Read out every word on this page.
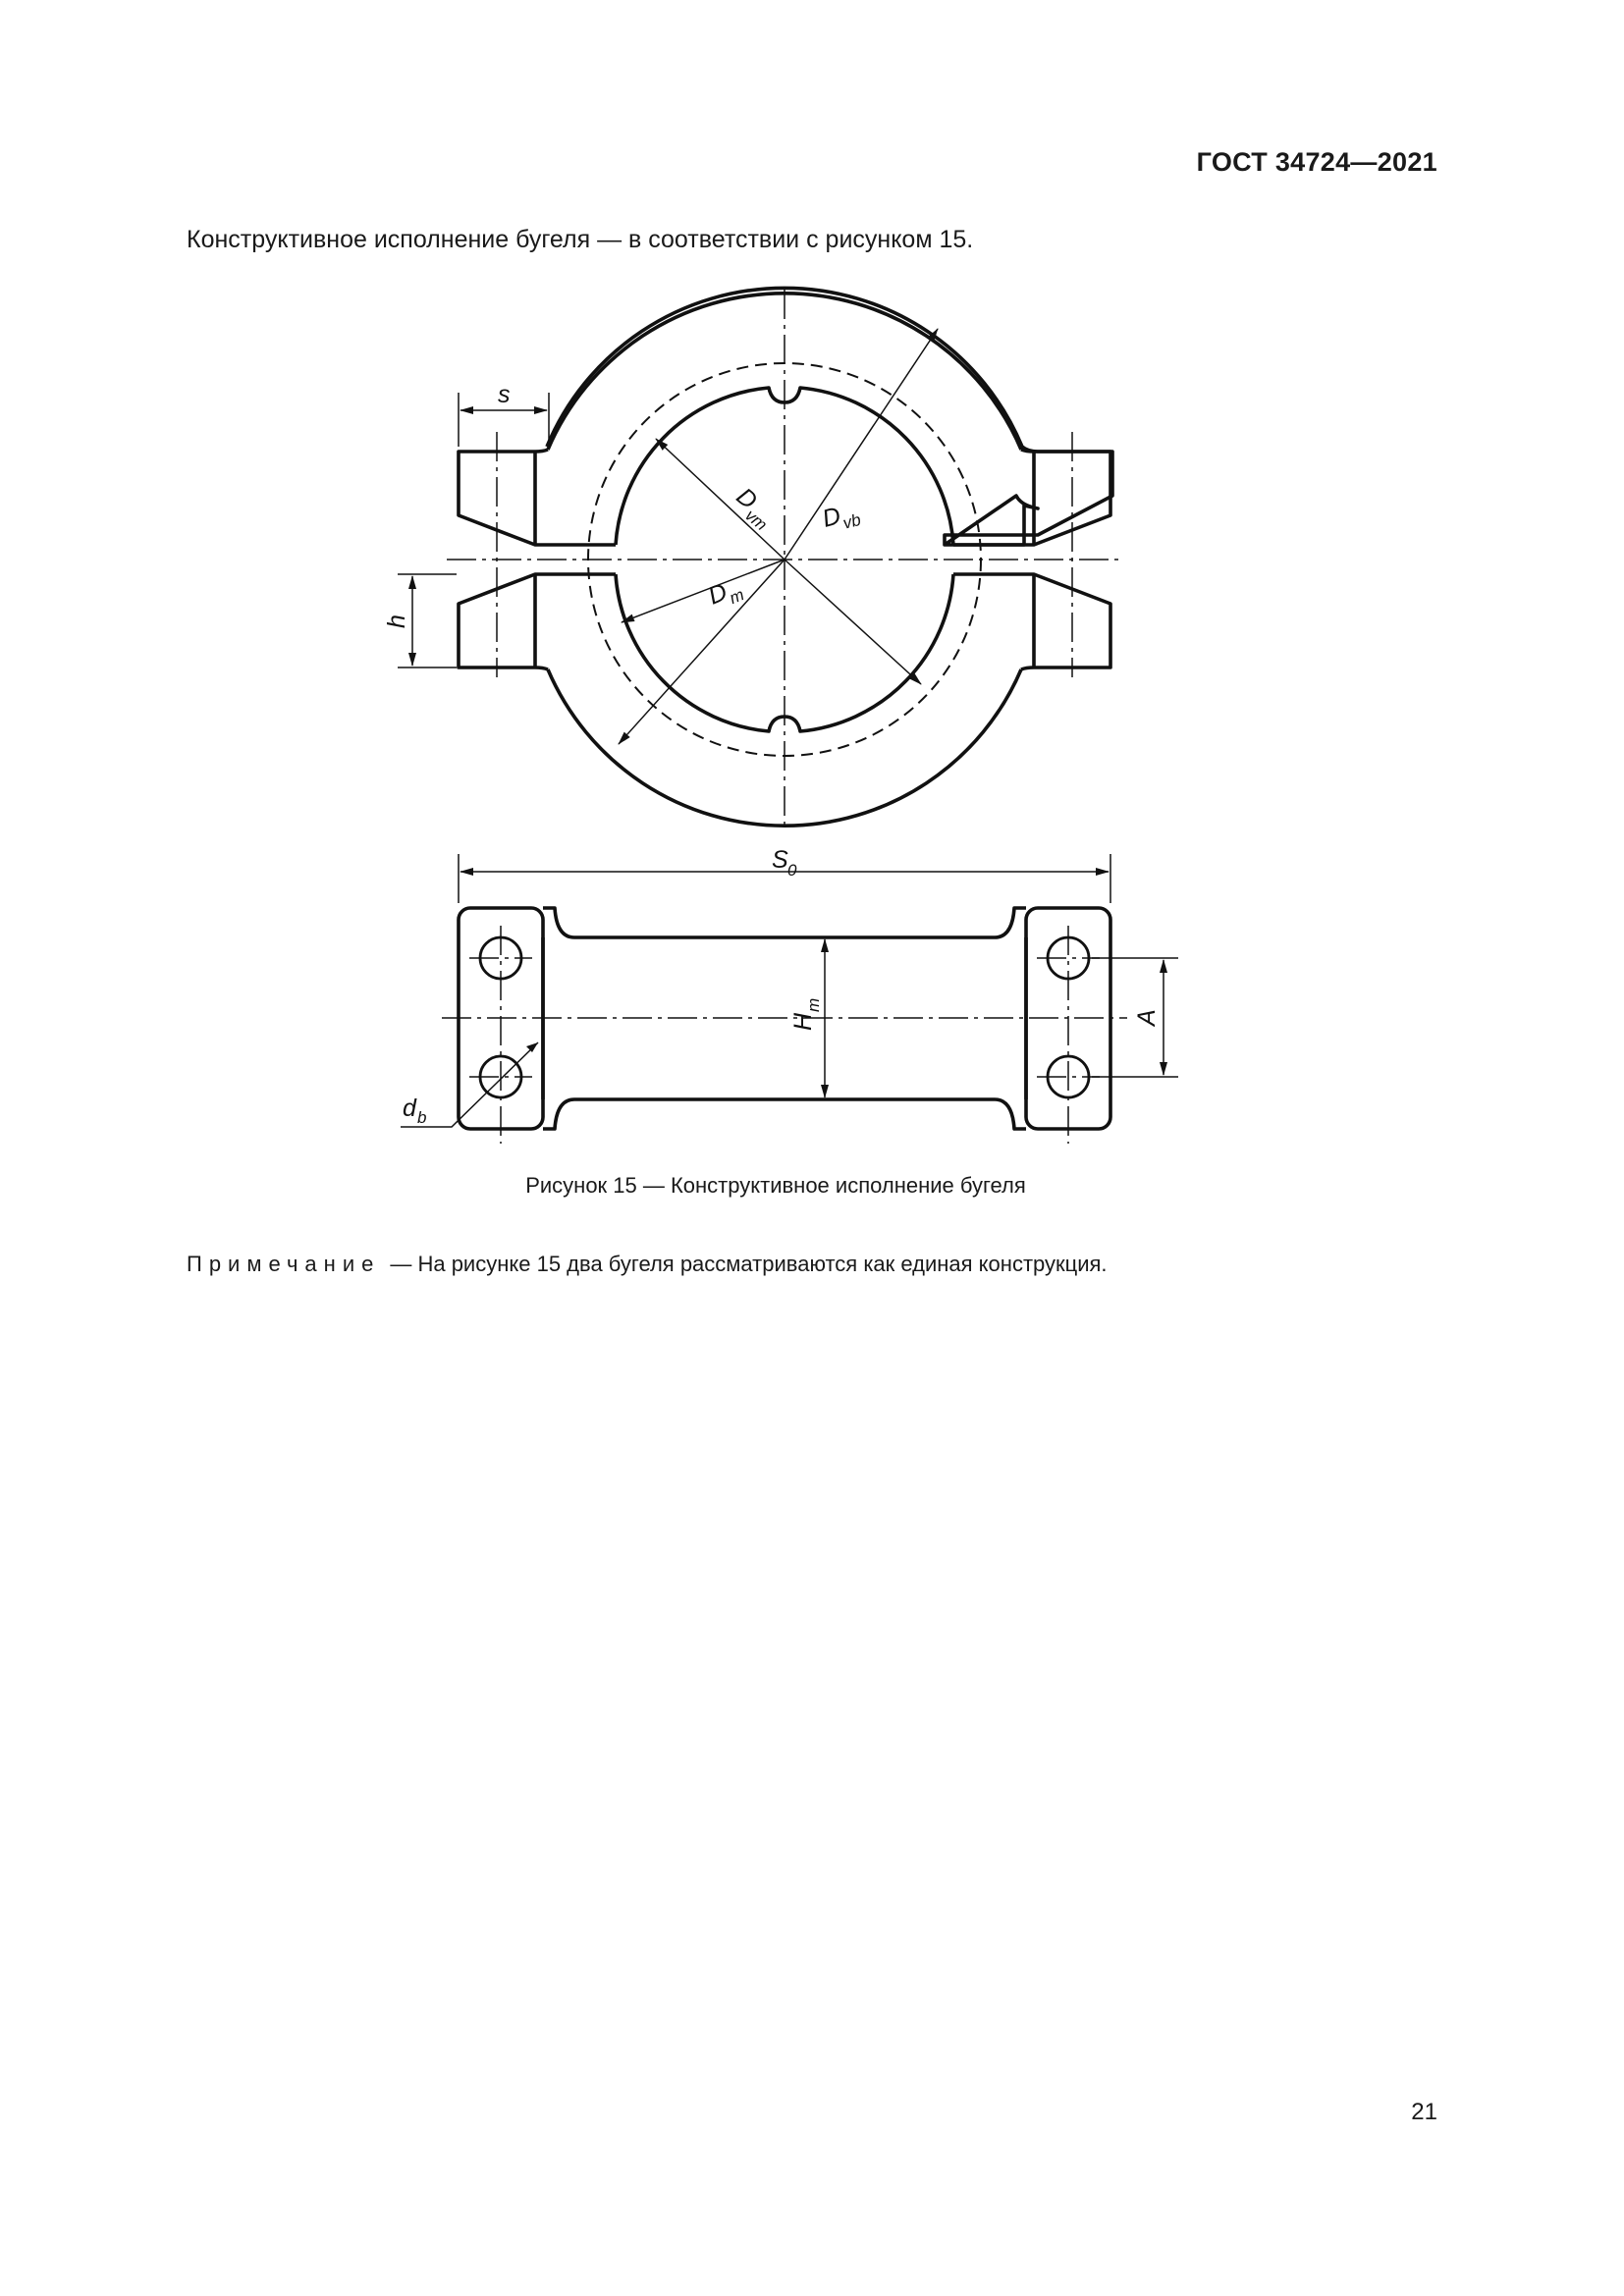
ГОСТ 34724—2021
Конструктивное исполнение бугеля — в соответствии с рисунком 15.
s
h
D
vm D
vb
D
m
S 0
H
m
A
d b
Рисунок 15 — Конструктивное исполнение бугеля
Примечание — На рисунке 15 два бугеля рассматриваются как единая конструкция.
21
